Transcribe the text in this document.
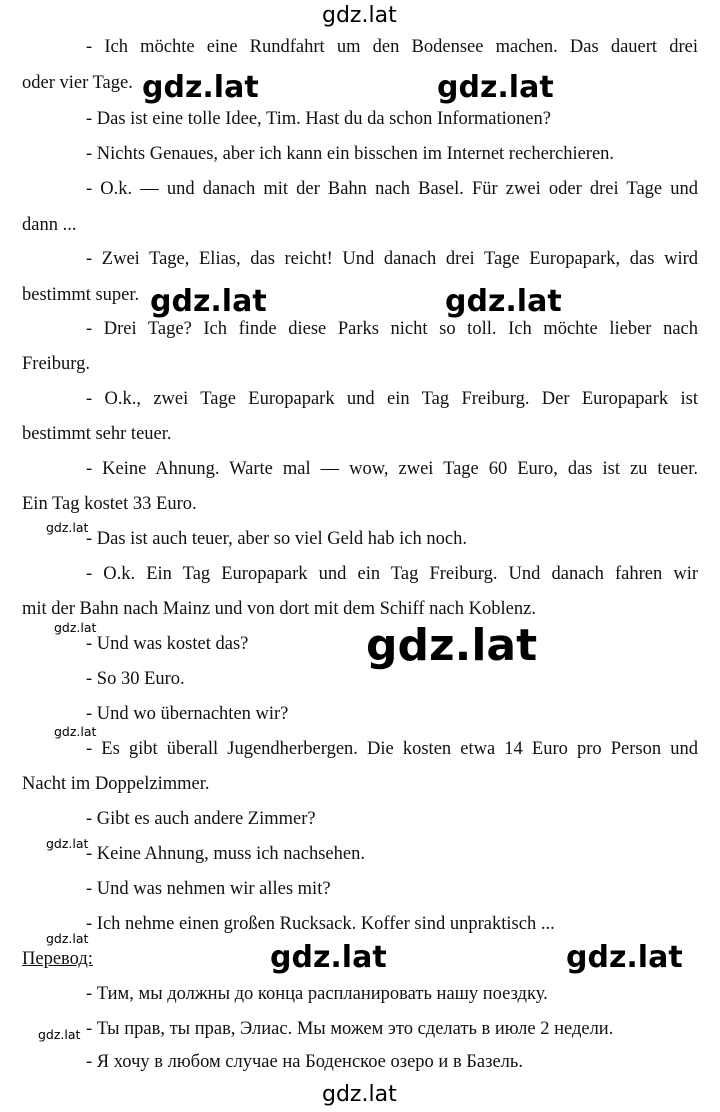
- Ich möchte eine Rundfahrt um den Bodensee machen. Das dauert drei
oder vier Tage.
- Das ist eine tolle Idee, Tim. Hast du da schon Informationen?
- Nichts Genaues, aber ich kann ein bisschen im Internet recherchieren.
- O.k. — und danach mit der Bahn nach Basel. Für zwei oder drei Tage und
dann ...
- Zwei Tage, Elias, das reicht! Und danach drei Tage Europapark, das wird
bestimmt super.
- Drei Tage? Ich finde diese Parks nicht so toll. Ich möchte lieber nach
Freiburg.
- O.k., zwei Tage Europapark und ein Tag Freiburg. Der Europapark ist
bestimmt sehr teuer.
- Keine Ahnung. Warte mal — wow, zwei Tage 60 Euro, das ist zu teuer.
Ein Tag kostet 33 Euro.
- Das ist auch teuer, aber so viel Geld hab ich noch.
- O.k. Ein Tag Europapark und ein Tag Freiburg. Und danach fahren wir
mit der Bahn nach Mainz und von dort mit dem Schiff nach Koblenz.
- Und was kostet das?
- So 30 Euro.
- Und wo übernachten wir?
- Es gibt überall Jugendherbergen. Die kosten etwa 14 Euro pro Person und
Nacht im Doppelzimmer.
- Gibt es auch andere Zimmer?
- Keine Ahnung, muss ich nachsehen.
- Und was nehmen wir alles mit?
- Ich nehme einen großen Rucksack. Koffer sind unpraktisch ...
Перевод:
- Тим, мы должны до конца распланировать нашу поездку.
- Ты прав, ты прав, Элиас. Мы можем это сделать в июле 2 недели.
- Я хочу в любом случае на Боденское озеро и в Базель.
gdz.lat
gdz.lat	gdz.lat
gdz.lat	gdz.lat
gdz.lat
gdz.lat	gdz.lat
gdz.lat
gdz.lat
gdz.lat
gdz.lat	gdz.lat
gdz.lat
gdz.lat
